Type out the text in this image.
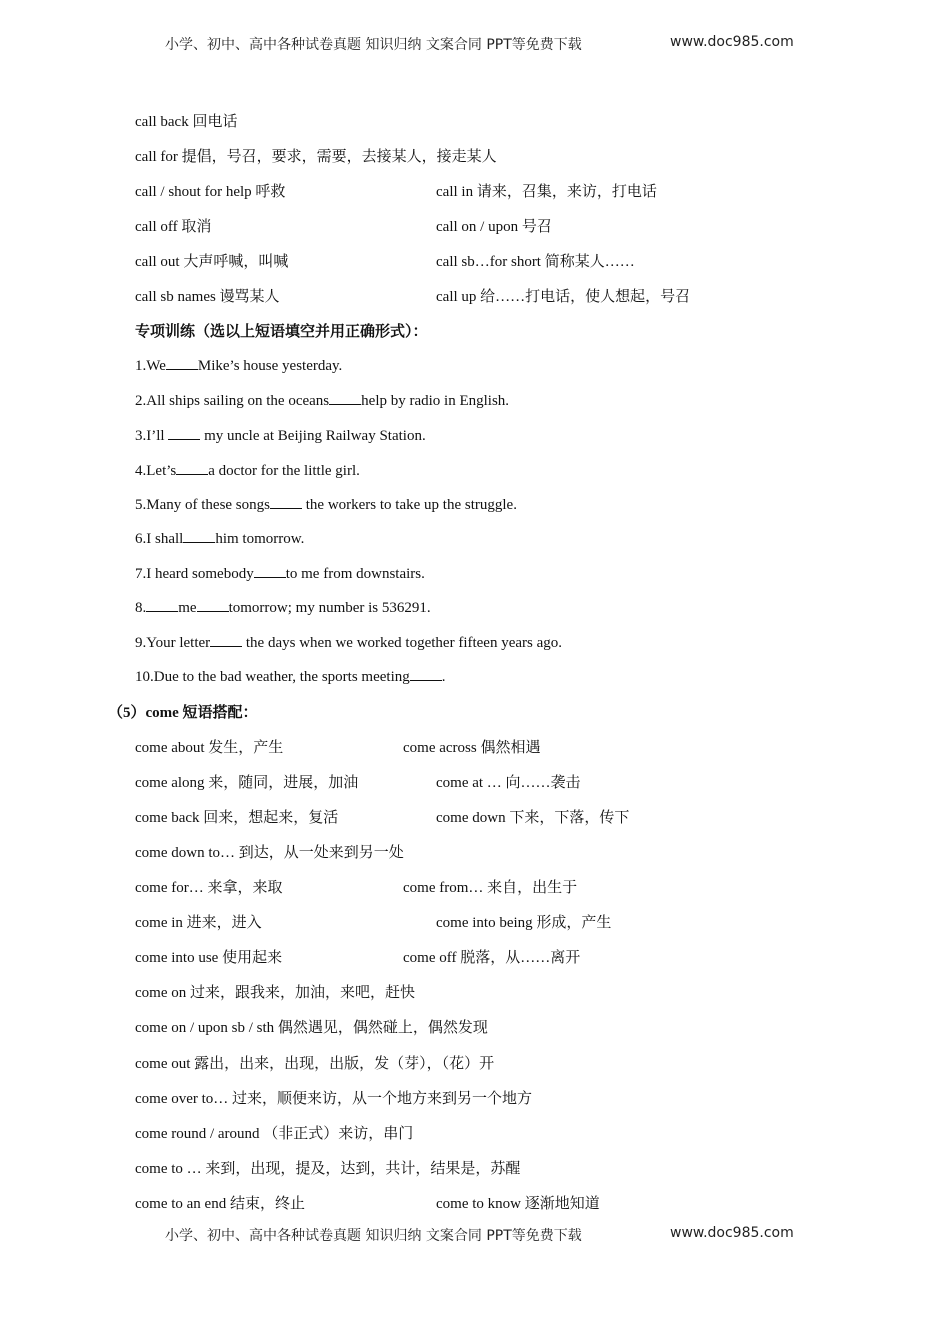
小学、初中、高中各种试卷真题 知识归纳 文案合同 PPT等免费下载	www.doc985.com
call back 回电话
call for 提倡，号召，要求，需要，去接某人，接走某人
call / shout for help 呼救	call in 请来，召集，来访，打电话
call off 取消	call on / upon 号召
call out 大声呼喊，叫喊	call sb…for short 简称某人……
call sb names 谩骂某人	call up 给……打电话，使人想起，号召
专项训练（选以上短语填空并用正确形式）：
1.We Mike’s house yesterday.
2.All ships sailing on the oceans help by radio in English.
3.I’ll  my uncle at Beijing Railway Station.
4.Let’s a doctor for the little girl.
5.Many of these songs the workers to take up the struggle.
6.I shall him tomorrow.
7.I heard somebody to me from downstairs.
8. me tomorrow; my number is 536291.
9.Your letter the days when we worked together fifteen years ago.
10.Due to the bad weather, the sports meeting .
（5）come 短语搭配：
come about 发生，产生	come across 偶然相遇
come along 来，随同，进展，加油	come at … 向……袭击
come back 回来，想起来，复活	come down 下来，下落，传下
come down to… 到达，从一处来到另一处
come for… 来拿，来取	come from… 来自，出生于
come in 进来，进入	come into being 形成，产生
come into use 使用起来	come off 脱落，从……离开
come on 过来，跟我来，加油，来吧，赶快
come on / upon sb / sth 偶然遇见，偶然碰上，偶然发现
come out 露出，出来，出现，出版，发（芽），（花）开
come over to… 过来，顺便来访，从一个地方来到另一个地方
come round / around （非正式）来访，串门
come to … 来到，出现，提及，达到，共计，结果是，苏醒
come to an end 结束，终止	come to know 逐渐地知道
小学、初中、高中各种试卷真题 知识归纳 文案合同 PPT等免费下载	www.doc985.com
